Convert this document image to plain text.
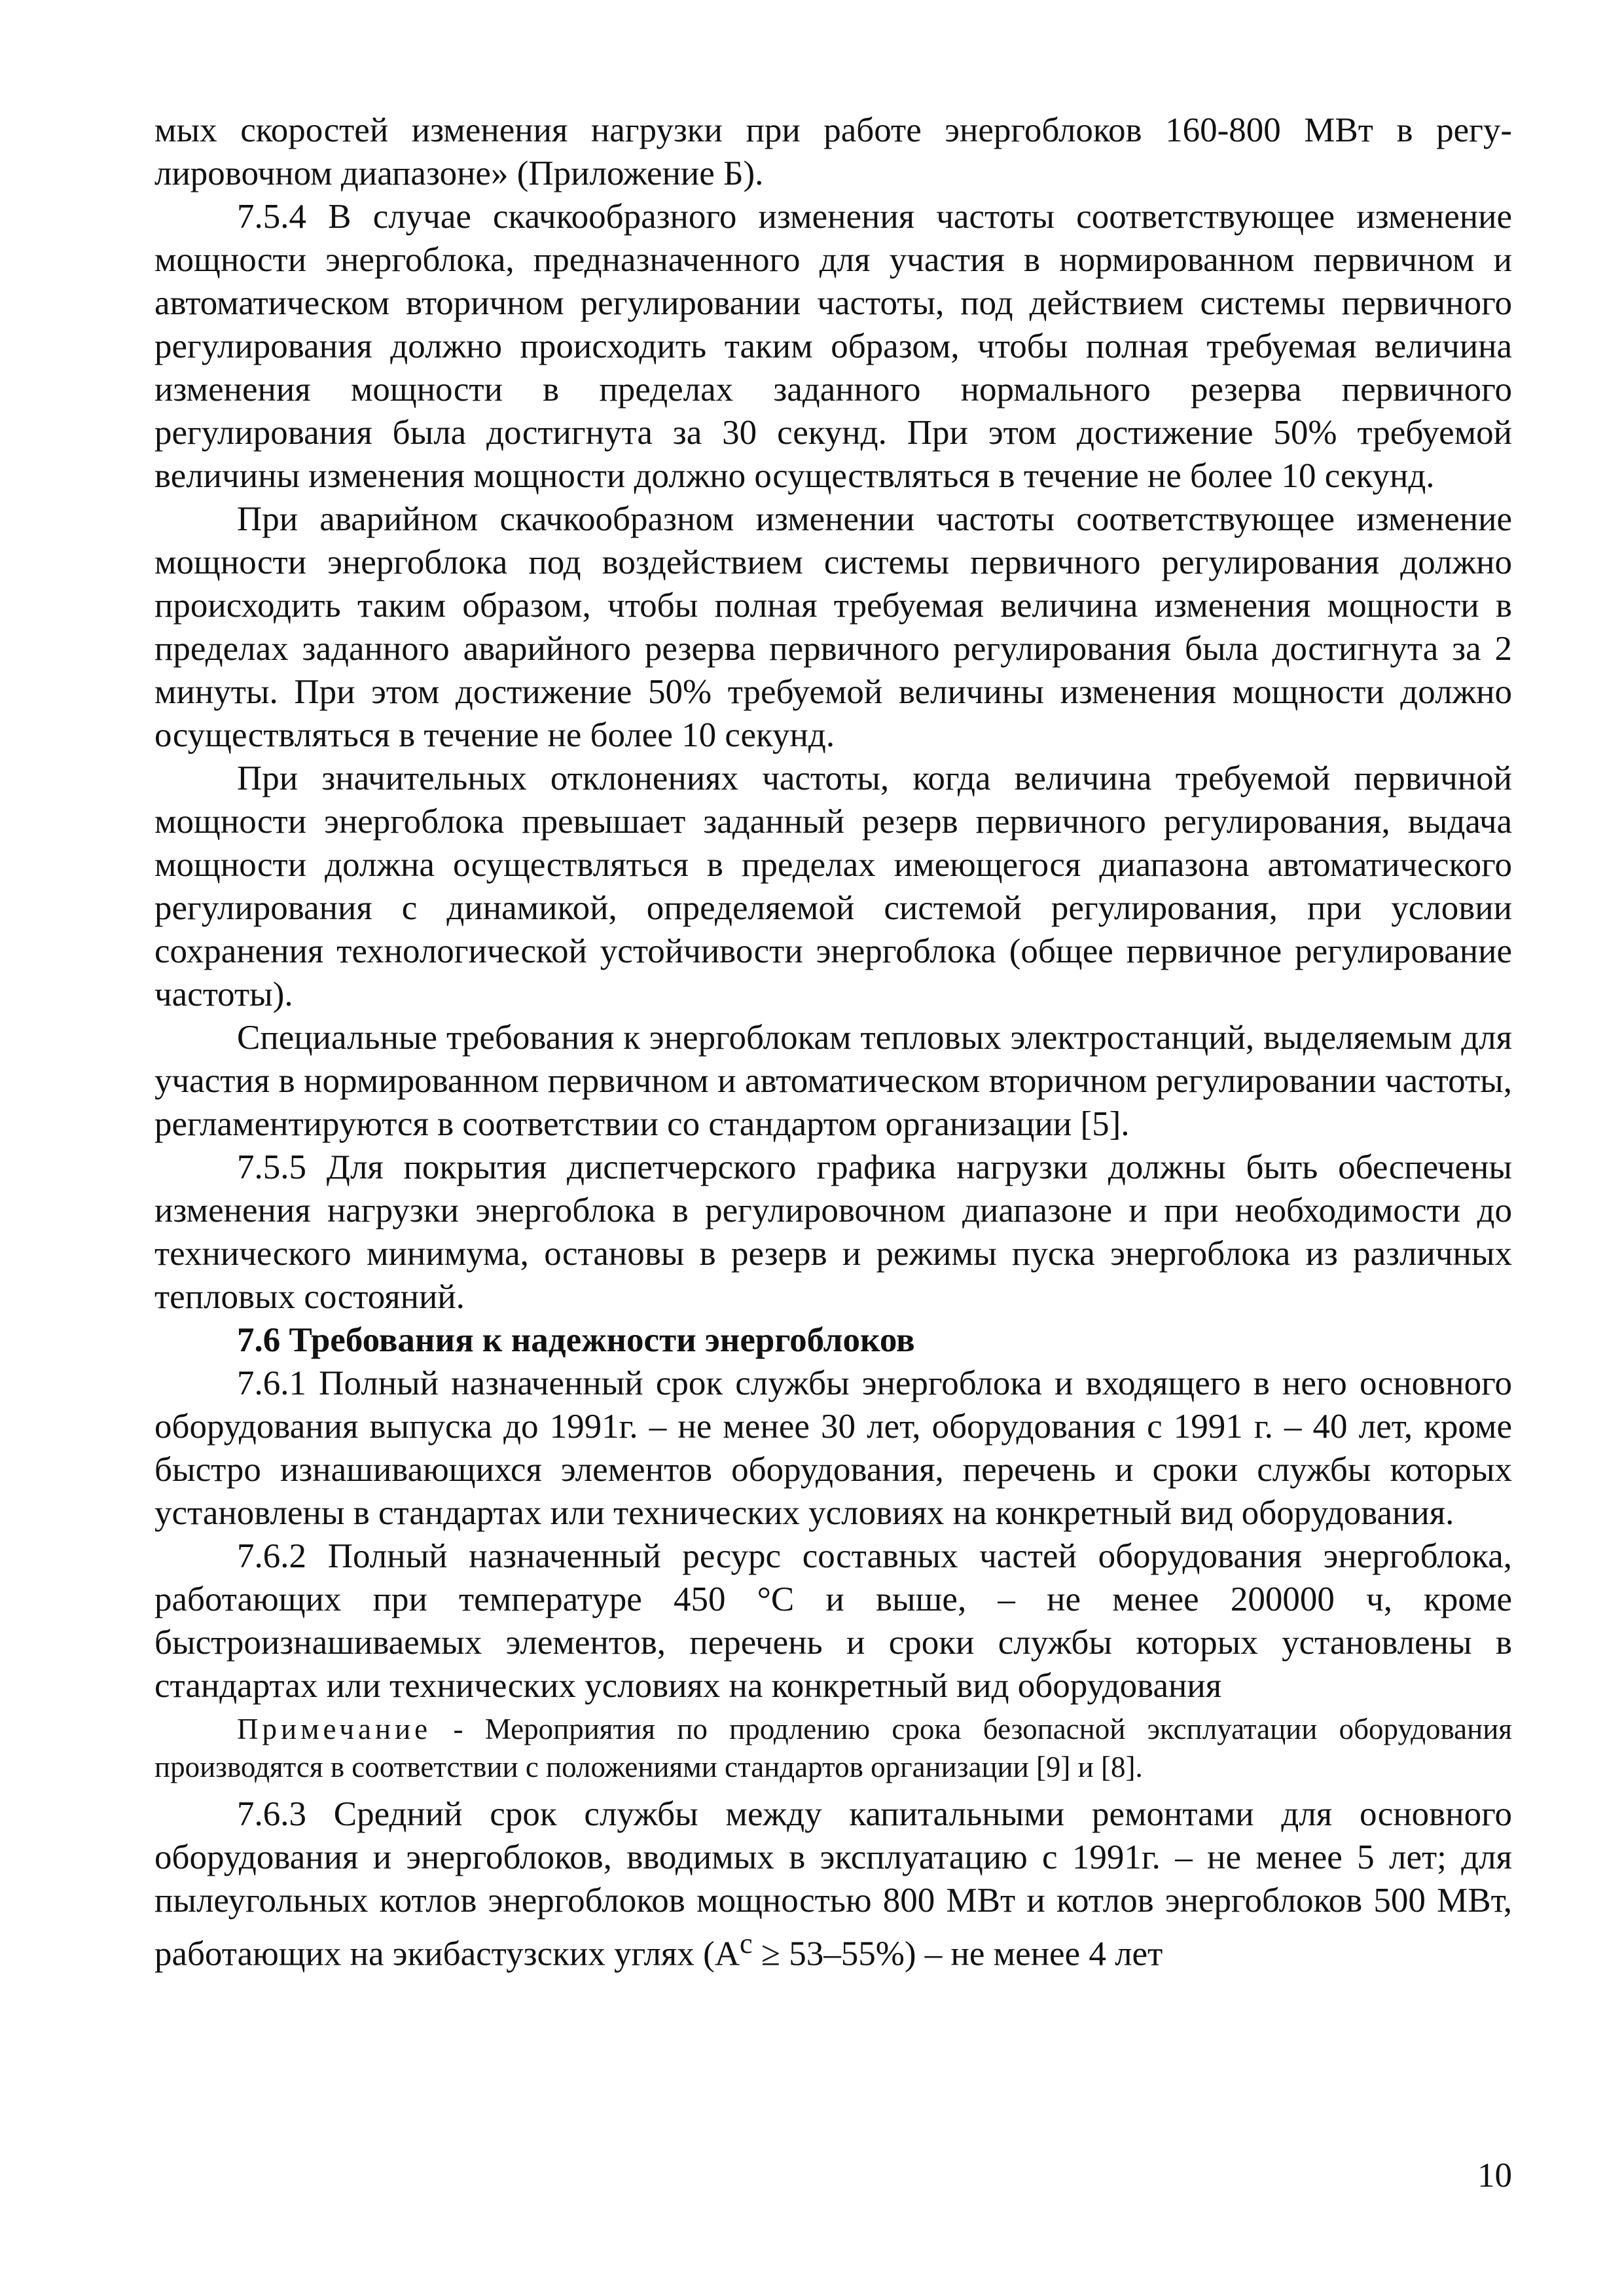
мых скоростей изменения нагрузки при работе энергоблоков 160-800 МВт в регулировочном диапазоне» (Приложение Б).

7.5.4 В случае скачкообразного изменения частоты соответствующее изменение мощности энергоблока, предназначенного для участия в нормированном первичном и автоматическом вторичном регулировании частоты, под действием системы первичного регулирования должно происходить таким образом, чтобы полная требуемая величина изменения мощности в пределах заданного нормального резерва первичного регулирования была достигнута за 30 секунд. При этом достижение 50% требуемой величины изменения мощности должно осуществляться в течение не более 10 секунд.

При аварийном скачкообразном изменении частоты соответствующее изменение мощности энергоблока под воздействием системы первичного регулирования должно происходить таким образом, чтобы полная требуемая величина изменения мощности в пределах заданного аварийного резерва первичного регулирования была достигнута за 2 минуты. При этом достижение 50% требуемой величины изменения мощности должно осуществляться в течение не более 10 секунд.

При значительных отклонениях частоты, когда величина требуемой первичной мощности энергоблока превышает заданный резерв первичного регулирования, выдача мощности должна осуществляться в пределах имеющегося диапазона автоматического регулирования с динамикой, определяемой системой регулирования, при условии сохранения технологической устойчивости энергоблока (общее первичное регулирование частоты).

Специальные требования к энергоблокам тепловых электростанций, выделяемым для участия в нормированном первичном и автоматическом вторичном регулировании частоты, регламентируются в соответствии со стандартом организации [5].

7.5.5 Для покрытия диспетчерского графика нагрузки должны быть обеспечены изменения нагрузки энергоблока в регулировочном диапазоне и при необходимости до технического минимума, остановы в резерв и режимы пуска энергоблока из различных тепловых состояний.

7.6 Требования к надежности энергоблоков

7.6.1 Полный назначенный срок службы энергоблока и входящего в него основного оборудования выпуска до 1991г. – не менее 30 лет, оборудования с 1991 г. – 40 лет, кроме быстро изнашивающихся элементов оборудования, перечень и сроки службы которых установлены в стандартах или технических условиях на конкретный вид оборудования.

7.6.2 Полный назначенный ресурс составных частей оборудования энергоблока, работающих при температуре 450 °С и выше, – не менее 200000 ч, кроме быстроизнашиваемых элементов, перечень и сроки службы которых установлены в стандартах или технических условиях на конкретный вид оборудования

Примечание - Мероприятия по продлению срока безопасной эксплуатации оборудования производятся в соответствии с положениями стандартов организации [9] и [8].

7.6.3 Средний срок службы между капитальными ремонтами для основного оборудования и энергоблоков, вводимых в эксплуатацию с 1991г. – не менее 5 лет; для пылеугольных котлов энергоблоков мощностью 800 МВт и котлов энергоблоков 500 МВт, работающих на экибастузских углях $(А^с \ge 53-55\%)$ – не менее 4 лет

10
